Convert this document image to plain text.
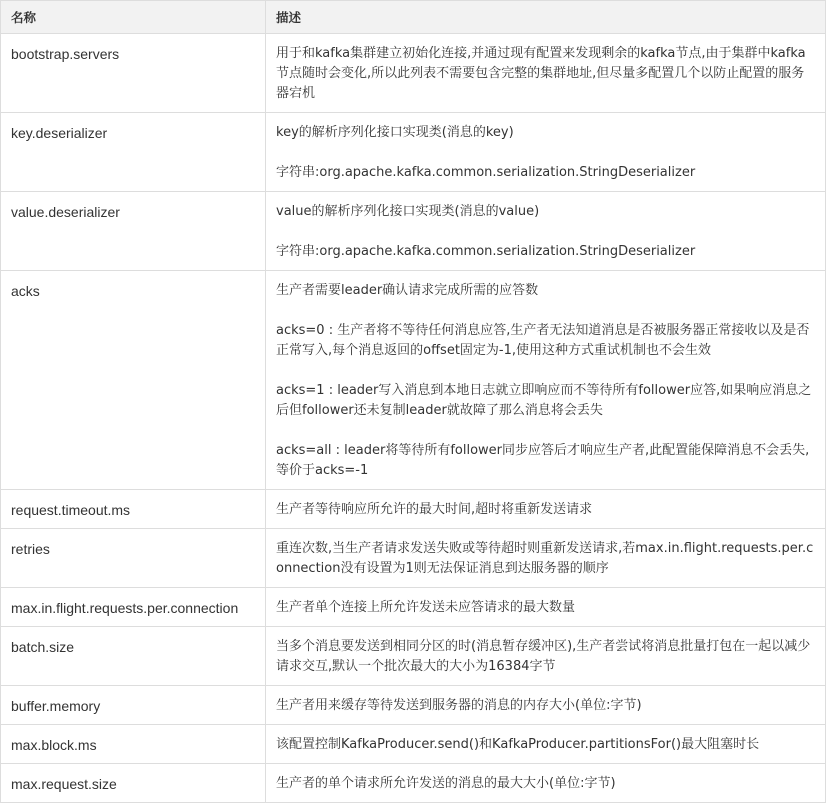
名称	描述
bootstrap.servers	用于和kafka集群建立初始化连接,并通过现有配置来发现剩余的kafka节点,由于集群中kafka节点随时会变化,所以此列表不需要包含完整的集群地址,但尽量多配置几个以防止配置的服务器宕机

key.deserializer	key的解析序列化接口实现类(消息的key)

字符串:org.apache.kafka.common.serialization.StringDeserializer

value.deserializer	value的解析序列化接口实现类(消息的value)

字符串:org.apache.kafka.common.serialization.StringDeserializer

acks	生产者需要leader确认请求完成所需的应答数

acks=0 : 生产者将不等待任何消息应答,生产者无法知道消息是否被服务器正常接收以及是否正常写入,每个消息返回的offset固定为-1,使用这种方式重试机制也不会生效

acks=1 : leader写入消息到本地日志就立即响应而不等待所有follower应答,如果响应消息之后但follower还未复制leader就故障了那么消息将会丢失

acks=all : leader将等待所有follower同步应答后才响应生产者,此配置能保障消息不会丢失,等价于acks=-1

request.timeout.ms	生产者等待响应所允许的最大时间,超时将重新发送请求

retries	重连次数,当生产者请求发送失败或等待超时则重新发送请求,若max.in.flight.requests.per.connection没有设置为1则无法保证消息到达服务器的顺序

max.in.flight.requests.per.connection	生产者单个连接上所允许发送未应答请求的最大数量

batch.size	当多个消息要发送到相同分区的时(消息暂存缓冲区),生产者尝试将消息批量打包在一起以减少请求交互,默认一个批次最大的大小为16384字节

buffer.memory	生产者用来缓存等待发送到服务器的消息的内存大小(单位:字节)

max.block.ms	该配置控制KafkaProducer.send()和KafkaProducer.partitionsFor()最大阻塞时长

max.request.size	生产者的单个请求所允许发送的消息的最大大小(单位:字节)
